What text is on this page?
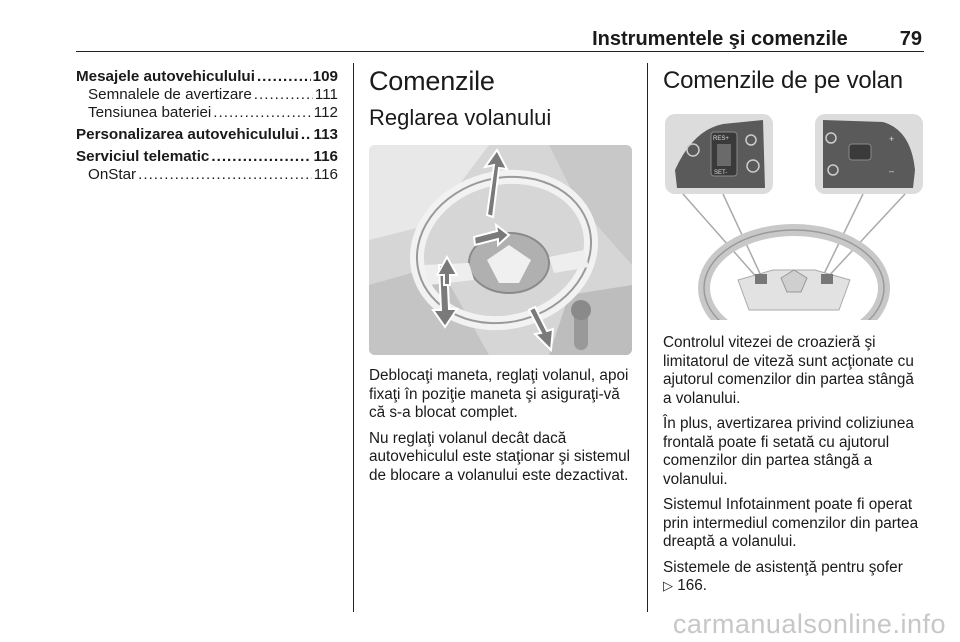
Instrumentele şi comenzile	79
Mesajele autovehiculului .....	109
Semnalele de avertizare .....	111
Tensiunea bateriei .....	112
Personalizarea autovehiculului ..... 113
Serviciul telematic .....	116
OnStar .....	116
Comenzile
Reglarea volanului

Deblocaţi maneta, reglaţi volanul, apoi fixaţi în poziţie maneta şi asiguraţi-vă că s-a blocat complet.

Nu reglaţi volanul decât dacă autovehiculul este staţionar şi sistemul de blocare a volanului este dezactivat.

Comenzile de pe volan
RES+
SET-
+
–

Controlul vitezei de croazieră şi limitatorul de viteză sunt acţionate cu ajutorul comenzilor din partea stângă a volanului.

În plus, avertizarea privind coliziunea frontală poate fi setată cu ajutorul comenzilor din partea stângă a volanului.

Sistemul Infotainment poate fi operat prin intermediul comenzilor din partea dreaptă a volanului.

Sistemele de asistenţă pentru şofer

▷ 166.

carmanualsonline.info
